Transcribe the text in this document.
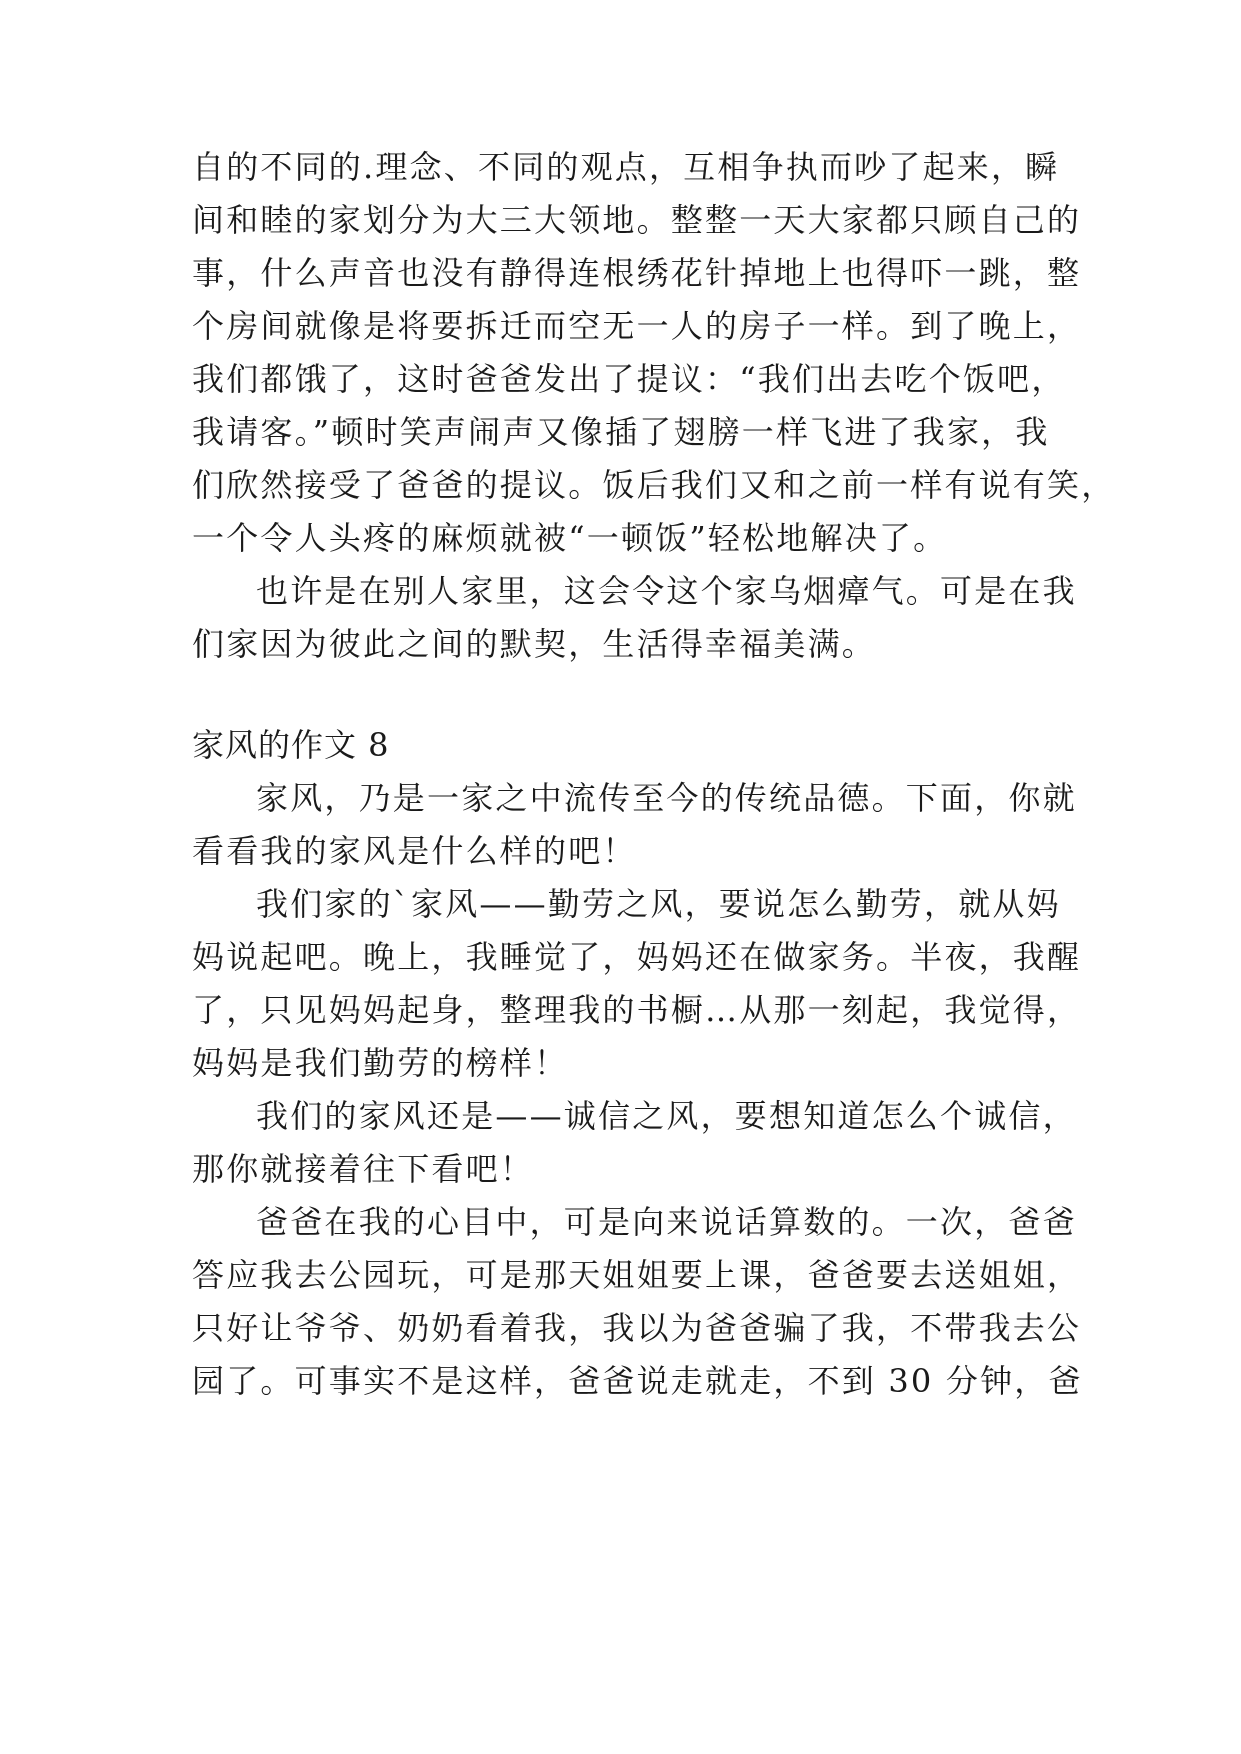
自的不同的.理念、不同的观点，互相争执而吵了起来，瞬
间和睦的家划分为大三大领地。整整一天大家都只顾自己的
事，什么声音也没有静得连根绣花针掉地上也得吓一跳，整
个房间就像是将要拆迁而空无一人的房子一样。到了晚上，
我们都饿了，这时爸爸发出了提议：“我们出去吃个饭吧，
我请客。”顿时笑声闹声又像插了翅膀一样飞进了我家，我
们欣然接受了爸爸的提议。饭后我们又和之前一样有说有笑，
一个令人头疼的麻烦就被“一顿饭”轻松地解决了。
也许是在别人家里，这会令这个家乌烟瘴气。可是在我
们家因为彼此之间的默契，生活得幸福美满。
家风的作文 8
家风，乃是一家之中流传至今的传统品德。下面，你就
看看我的家风是什么样的吧！
我们家的`家风——勤劳之风，要说怎么勤劳，就从妈
妈说起吧。晚上，我睡觉了，妈妈还在做家务。半夜，我醒
了，只见妈妈起身，整理我的书橱…从那一刻起，我觉得，
妈妈是我们勤劳的榜样！
我们的家风还是——诚信之风，要想知道怎么个诚信，
那你就接着往下看吧！
爸爸在我的心目中，可是向来说话算数的。一次，爸爸
答应我去公园玩，可是那天姐姐要上课，爸爸要去送姐姐，
只好让爷爷、奶奶看着我，我以为爸爸骗了我，不带我去公
园了。可事实不是这样，爸爸说走就走，不到 30 分钟，爸
